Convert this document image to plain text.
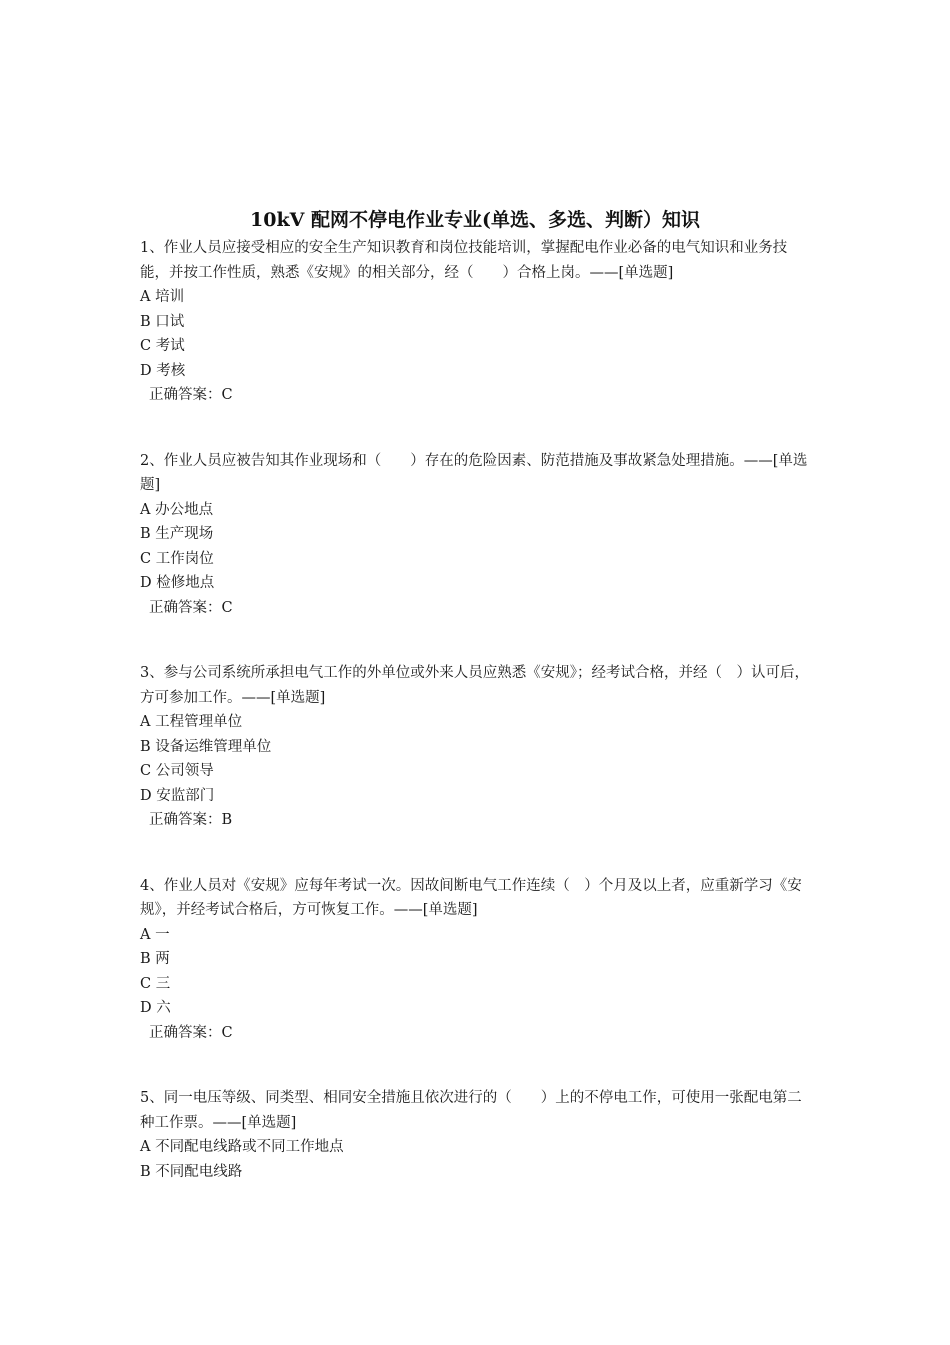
10kV 配网不停电作业专业(单选、多选、判断）知识

1、作业人员应接受相应的安全生产知识教育和岗位技能培训，掌握配电作业必备的电气知识和业务技能，并按工作性质，熟悉《安规》的相关部分，经（　　）合格上岗。——[单选题]

A 培训

B 口试

C 考试

D 考核

正确答案：C

2、作业人员应被告知其作业现场和（　　）存在的危险因素、防范措施及事故紧急处理措施。——[单选题]

A 办公地点

B 生产现场

C 工作岗位

D 检修地点

正确答案：C

3、参与公司系统所承担电气工作的外单位或外来人员应熟悉《安规》；经考试合格，并经（　）认可后，方可参加工作。——[单选题]

A 工程管理单位

B 设备运维管理单位

C 公司领导

D 安监部门

正确答案：B

4、作业人员对《安规》应每年考试一次。因故间断电气工作连续（　）个月及以上者，应重新学习《安规》，并经考试合格后，方可恢复工作。——[单选题]

A 一

B 两

C 三

D 六

正确答案：C

5、同一电压等级、同类型、相同安全措施且依次进行的（　　）上的不停电工作，可使用一张配电第二种工作票。——[单选题]

A 不同配电线路或不同工作地点

B 不同配电线路
